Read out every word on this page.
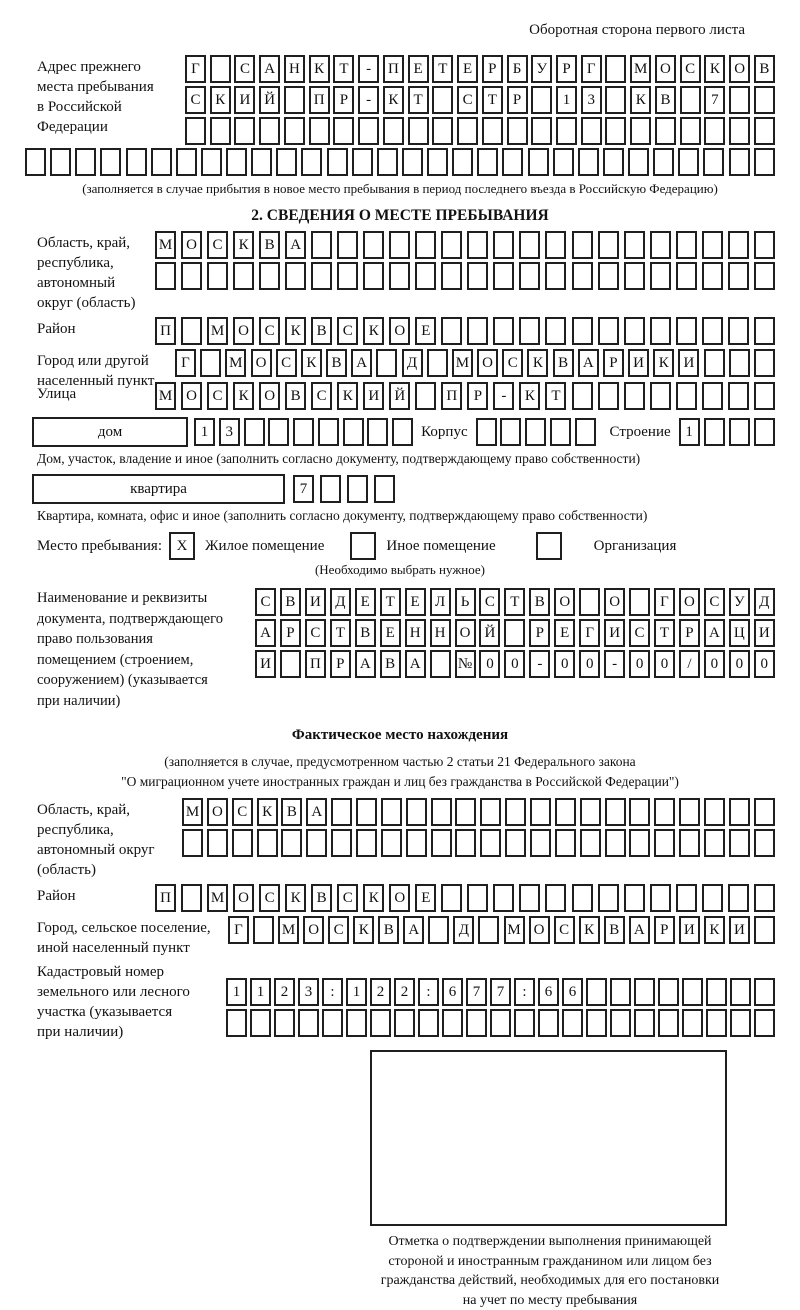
Оборотная сторона первого листа
Адрес прежнего
места пребывания
в Российской
Федерации
Г	С А Н К	Т	-	П Е	Т	Е	Р	Б	У	Р	Г	М О С К О В
С К И Й	П	Р	-	К	Т	С	Т	Р	1	3	К В	7
(заполняется в случае прибытия в новое место пребывания в период последнего въезда в Российскую Федерацию)
2. СВЕДЕНИЯ О МЕСТЕ ПРЕБЫВАНИЯ
Область, край,
республика,
автономный
округ (область)
М О	С	К	В	А
Район	П	М О	С	К	В	С	К	О	Е
Город или другой
населенный пункт
Г	М О С	К	В А	Д	М О С	К	В А	Р	И К И
Улица	М О	С	К	О	В	С	К	И	Й	П	Р	-	К	Т
дом	1	3	Корпус	Строение 1
Дом, участок, владение и иное (заполнить согласно документу, подтверждающему право собственности)
квартира	7
Квартира, комната, офис и иное (заполнить согласно документу, подтверждающему право собственности)
Место пребывания: X	Жилое помещение	Иное помещение	Организация
(Необходимо выбрать нужное)
Наименование и реквизиты
документа, подтверждающего
право пользования
помещением (строением,
сооружением) (указывается
при наличии)
С В И Д	Е	Т	Е	Л	Ь	С	Т	В О	О	Г	О С У Д
А	Р	С	Т	В	Е Н Н О Й	Р	Е	Г	И С	Т	Р	А Ц И
И	П	Р	А В А	№ 0	0	-	0	0	-	0	0	/	0	0	0
Фактическое место нахождения
(заполняется в случае, предусмотренном частью 2 статьи 21 Федерального закона
"О миграционном учете иностранных граждан и лиц без гражданства в Российской Федерации")
Область, край,
республика,
автономный округ
(область)
М О С К В А
Район	П	М О	С	К	В	С	К	О	Е
Город, сельское поселение,
иной населенный пункт
Г	М О С	К	В А	Д	М О С	К	В А	Р	И К И
Кадастровый номер
земельного или лесного
участка (указывается
при наличии)
1	1	2	3	:	1	2	2	:	6	7	7	:	6	6
Отметка о подтверждении выполнения принимающей
стороной и иностранным гражданином или лицом без
гражданства действий, необходимых для его постановки
на учет по месту пребывания
